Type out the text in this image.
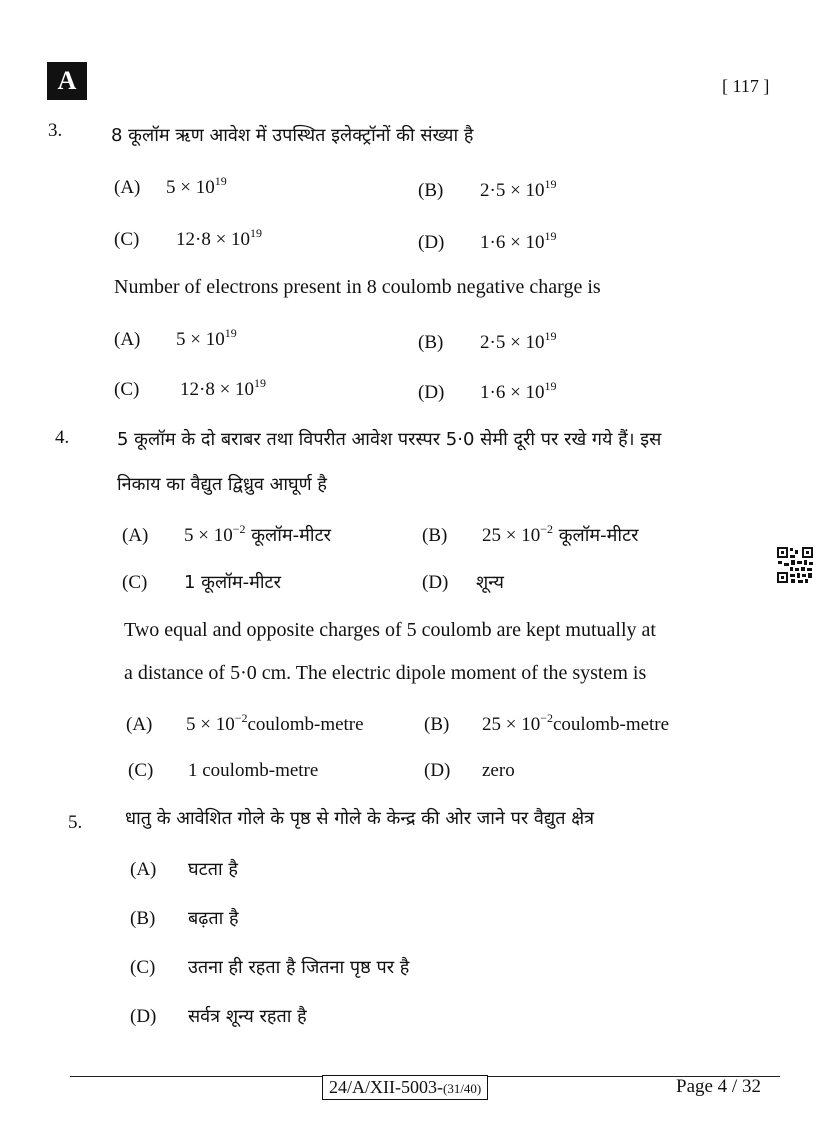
A	[ 117 ]
3.	8 कूलॉम ऋण आवेश में उपस्थित इलेक्ट्रॉनों की संख्या है
(A) $5 \times 10^{19}$	(B) $2\cdot 5 \times 10^{19}$
(C) $12\cdot 8 \times 10^{19}$	(D) $1\cdot 6 \times 10^{19}$
Number of electrons present in 8 coulomb negative charge is
(A) $5 \times 10^{19}$	(B) $2\cdot 5 \times 10^{19}$
(C) $12\cdot 8 \times 10^{19}$	(D) $1\cdot 6 \times 10^{19}$
4.	5 कूलॉम के दो बराबर तथा विपरीत आवेश परस्पर 5·0 सेमी दूरी पर रखे गये हैं। इस
निकाय का वैद्युत द्विध्रुव आघूर्ण है
(A) $5 \times 10^{-2}$ कूलॉम-मीटर	(B) $25 \times 10^{-2}$ कूलॉम-मीटर
(C) 1 कूलॉम-मीटर	(D) शून्य
Two equal and opposite charges of 5 coulomb are kept mutually at
a distance of 5·0 cm. The electric dipole moment of the system is
(A) $5 \times 10^{-2}coulomb$-metre	(B) $25 \times 10^{-2}coulomb$-metre
(C) 1 coulomb-metre	(D) zero
5. धातु के आवेशित गोले के पृष्ठ से गोले के केन्द्र की ओर जाने पर वैद्युत क्षेत्र
(A) घटता है
(B) बढ़ता है
(C) उतना ही रहता है जितना पृष्ठ पर है
(D) सर्वत्र शून्य रहता है
24/A/XII-5003-(31/40)	Page 4 / 32
